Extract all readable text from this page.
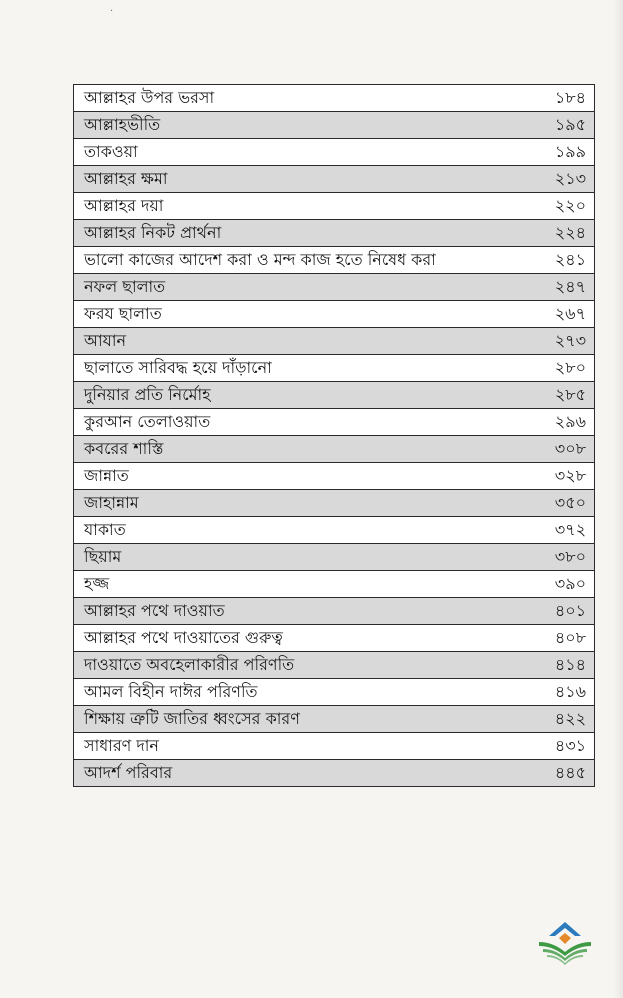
·
আল্লাহর উপর ভরসা	১৮৪
আল্লাহভীতি	১৯৫
তাকওয়া	১৯৯
আল্লাহর ক্ষমা	২১৩
আল্লাহর দয়া	২২০
আল্লাহর নিকট প্রার্থনা	২২৪
ভালো কাজের আদেশ করা ও মন্দ কাজ হতে নিষেধ করা	২৪১
নফল ছালাত	২৪৭
ফরয ছালাত	২৬৭
আযান	২৭৩
ছালাতে সারিবদ্ধ হয়ে দাঁড়ানো	২৮০
দুনিয়ার প্রতি নির্মোহ	২৮৫
কুরআন তেলাওয়াত	২৯৬
কবরের শাস্তি	৩০৮
জান্নাত	৩২৮
জাহান্নাম	৩৫০
যাকাত	৩৭২
ছিয়াম	৩৮০
হজ্জ	৩৯০
আল্লাহর পথে দাওয়াত	৪০১
আল্লাহর পথে দাওয়াতের গুরুত্ব	৪০৮
দাওয়াতে অবহেলাকারীর পরিণতি	৪১৪
আমল বিহীন দাঈর পরিণতি	৪১৬
শিক্ষায় ত্রুটি জাতির ধ্বংসের কারণ	৪২২
সাধারণ দান	৪৩১
আদর্শ পরিবার	৪৪৫
